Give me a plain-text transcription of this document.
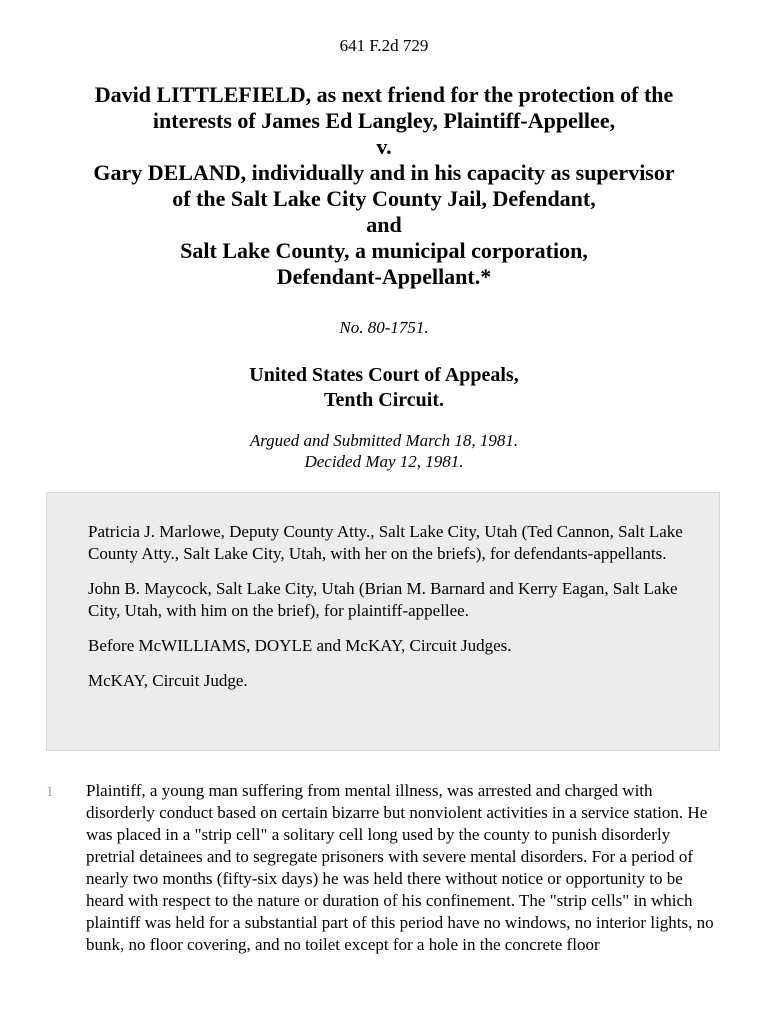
641 F.2d 729
David LITTLEFIELD, as next friend for the protection of the
interests of James Ed Langley, Plaintiff-Appellee,
v.
Gary DELAND, individually and in his capacity as supervisor
of the Salt Lake City County Jail, Defendant,
and
Salt Lake County, a municipal corporation,
Defendant-Appellant.*
No. 80-1751.
United States Court of Appeals,
Tenth Circuit.
Argued and Submitted March 18, 1981.
Decided May 12, 1981.

Patricia J. Marlowe, Deputy County Atty., Salt Lake City, Utah (Ted Cannon, Salt Lake County Atty., Salt Lake City, Utah, with her on the briefs), for defendants-appellants.

John B. Maycock, Salt Lake City, Utah (Brian M. Barnard and Kerry Eagan, Salt Lake City, Utah, with him on the brief), for plaintiff-appellee.

Before McWILLIAMS, DOYLE and McKAY, Circuit Judges.

McKAY, Circuit Judge.

1	Plaintiff, a young man suffering from mental illness, was arrested and charged with disorderly conduct based on certain bizarre but nonviolent activities in a service station. He was placed in a "strip cell" a solitary cell long used by the county to punish disorderly pretrial detainees and to segregate prisoners with severe mental disorders. For a period of nearly two months (fifty-six days) he was held there without notice or opportunity to be heard with respect to the nature or duration of his confinement. The "strip cells" in which plaintiff was held for a substantial part of this period have no windows, no interior lights, no bunk, no floor covering, and no toilet except for a hole in the concrete floor
